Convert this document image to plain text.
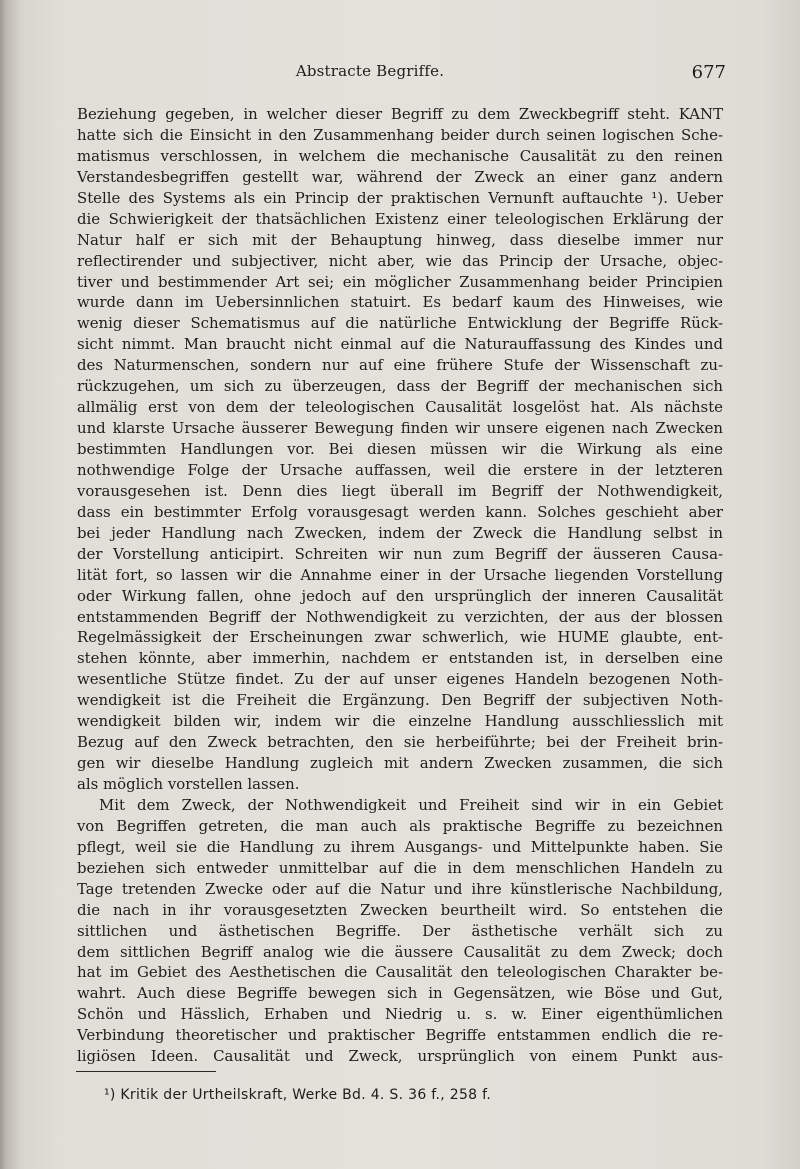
Abstracte Begriffe.	677
Beziehung gegeben, in welcher dieser Begriff zu dem Zweckbegriff steht. KANT
hatte sich die Einsicht in den Zusammenhang beider durch seinen logischen Sche-
matismus verschlossen, in welchem die mechanische Causalität zu den reinen
Verstandesbegriffen gestellt war, während der Zweck an einer ganz andern
Stelle des Systems als ein Princip der praktischen Vernunft auftauchte ¹). Ueber
die Schwierigkeit der thatsächlichen Existenz einer teleologischen Erklärung der
Natur half er sich mit der Behauptung hinweg, dass dieselbe immer nur
reflectirender und subjectiver, nicht aber, wie das Princip der Ursache, objec-
tiver und bestimmender Art sei; ein möglicher Zusammenhang beider Principien
wurde dann im Uebersinnlichen statuirt. Es bedarf kaum des Hinweises, wie
wenig dieser Schematismus auf die natürliche Entwicklung der Begriffe Rück-
sicht nimmt. Man braucht nicht einmal auf die Naturauffassung des Kindes und
des Naturmenschen, sondern nur auf eine frühere Stufe der Wissenschaft zu-
rückzugehen, um sich zu überzeugen, dass der Begriff der mechanischen sich
allmälig erst von dem der teleologischen Causalität losgelöst hat. Als nächste
und klarste Ursache äusserer Bewegung finden wir unsere eigenen nach Zwecken
bestimmten Handlungen vor. Bei diesen müssen wir die Wirkung als eine
nothwendige Folge der Ursache auffassen, weil die erstere in der letzteren
vorausgesehen ist. Denn dies liegt überall im Begriff der Nothwendigkeit,
dass ein bestimmter Erfolg vorausgesagt werden kann. Solches geschieht aber
bei jeder Handlung nach Zwecken, indem der Zweck die Handlung selbst in
der Vorstellung anticipirt. Schreiten wir nun zum Begriff der äusseren Causa-
lität fort, so lassen wir die Annahme einer in der Ursache liegenden Vorstellung
oder Wirkung fallen, ohne jedoch auf den ursprünglich der inneren Causalität
entstammenden Begriff der Nothwendigkeit zu verzichten, der aus der blossen
Regelmässigkeit der Erscheinungen zwar schwerlich, wie HUME glaubte, ent-
stehen könnte, aber immerhin, nachdem er entstanden ist, in derselben eine
wesentliche Stütze findet. Zu der auf unser eigenes Handeln bezogenen Noth-
wendigkeit ist die Freiheit die Ergänzung. Den Begriff der subjectiven Noth-
wendigkeit bilden wir, indem wir die einzelne Handlung ausschliesslich mit
Bezug auf den Zweck betrachten, den sie herbeiführte; bei der Freiheit brin-
gen wir dieselbe Handlung zugleich mit andern Zwecken zusammen, die sich
als möglich vorstellen lassen.
Mit dem Zweck, der Nothwendigkeit und Freiheit sind wir in ein Gebiet
von Begriffen getreten, die man auch als praktische Begriffe zu bezeichnen
pflegt, weil sie die Handlung zu ihrem Ausgangs- und Mittelpunkte haben. Sie
beziehen sich entweder unmittelbar auf die in dem menschlichen Handeln zu
Tage tretenden Zwecke oder auf die Natur und ihre künstlerische Nachbildung,
die nach in ihr vorausgesetzten Zwecken beurtheilt wird. So entstehen die
sittlichen und ästhetischen Begriffe. Der ästhetische verhält sich zu
dem sittlichen Begriff analog wie die äussere Causalität zu dem Zweck; doch
hat im Gebiet des Aesthetischen die Causalität den teleologischen Charakter be-
wahrt. Auch diese Begriffe bewegen sich in Gegensätzen, wie Böse und Gut,
Schön und Hässlich, Erhaben und Niedrig u. s. w. Einer eigenthümlichen
Verbindung theoretischer und praktischer Begriffe entstammen endlich die re-
ligiösen Ideen. Causalität und Zweck, ursprünglich von einem Punkt aus-
¹) Kritik der Urtheilskraft, Werke Bd. 4. S. 36 f., 258 f.
